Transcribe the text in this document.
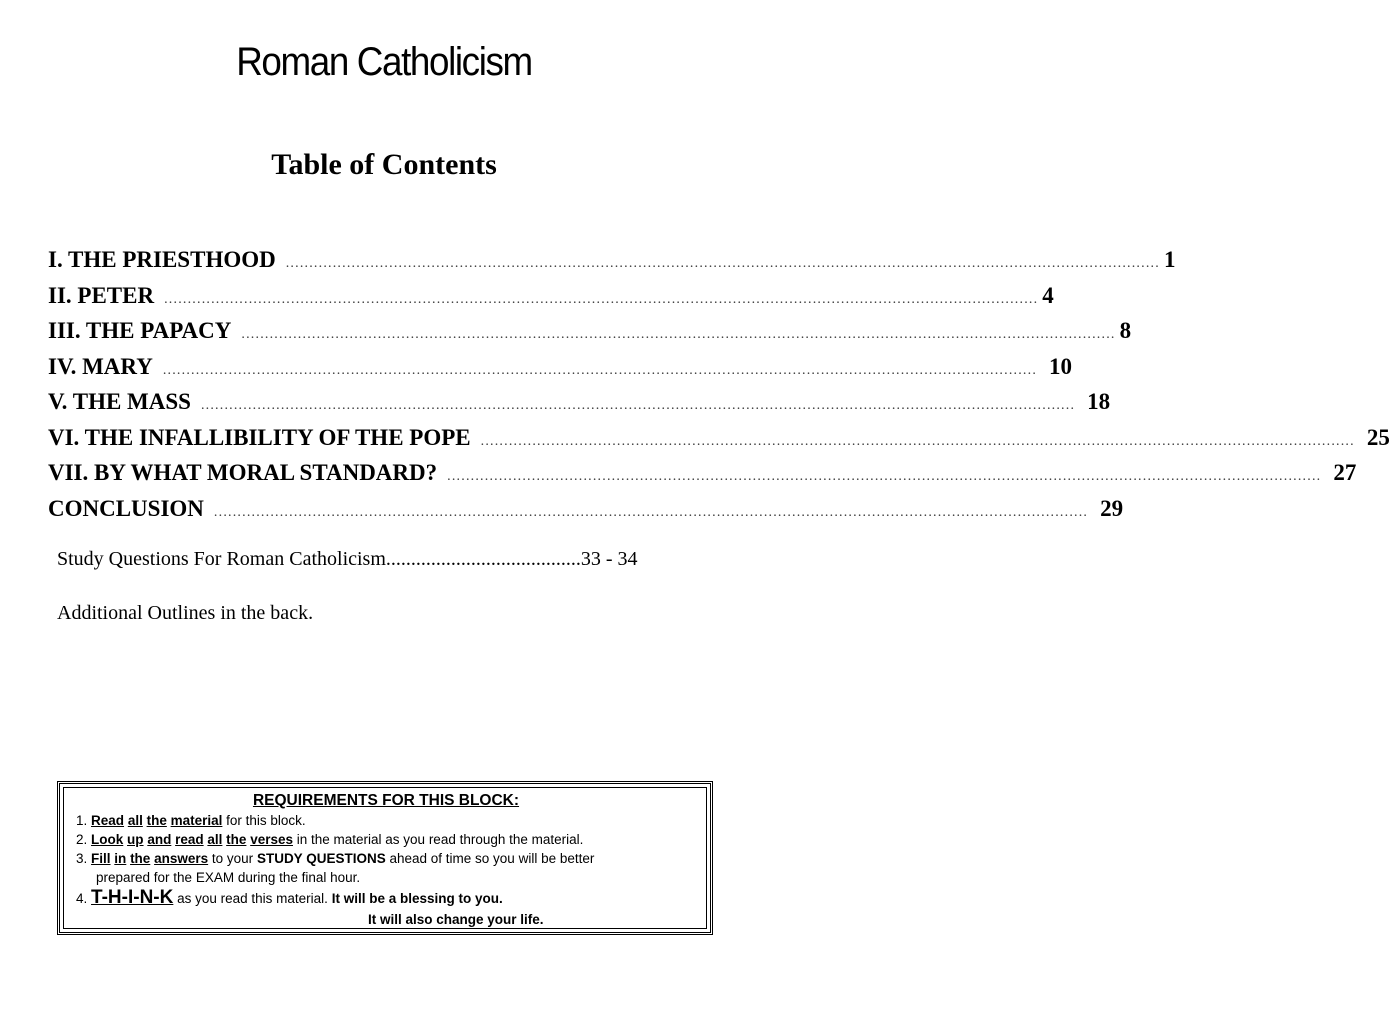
Roman Catholicism
Table of Contents
I. THE PRIESTHOOD .......................................................................................................................................................................................... 1
II. PETER .......................................................................................................................................................................................... 4
III. THE PAPACY .......................................................................................................................................................................................... 8
IV. MARY .......................................................................................................................................................................................... 10
V. THE MASS .......................................................................................................................................................................................... 18
VI. THE INFALLIBILITY OF THE POPE .......................................................................................................................................................................................... 25
VII. BY WHAT MORAL STANDARD? .......................................................................................................................................................................................... 27
CONCLUSION .......................................................................................................................................................................................... 29
Study Questions For Roman Catholicism.......................................33 - 34
Additional Outlines in the back.
REQUIREMENTS FOR THIS BLOCK:
1. Read all the material for this block.
2. Look up and read all the verses in the material as you read through the material.
3. Fill in the answers to your STUDY QUESTIONS ahead of time so you will be better
prepared for the EXAM during the final hour.
4. T-H-I-N-K as you read this material. It will be a blessing to you.
It will also change your life.
